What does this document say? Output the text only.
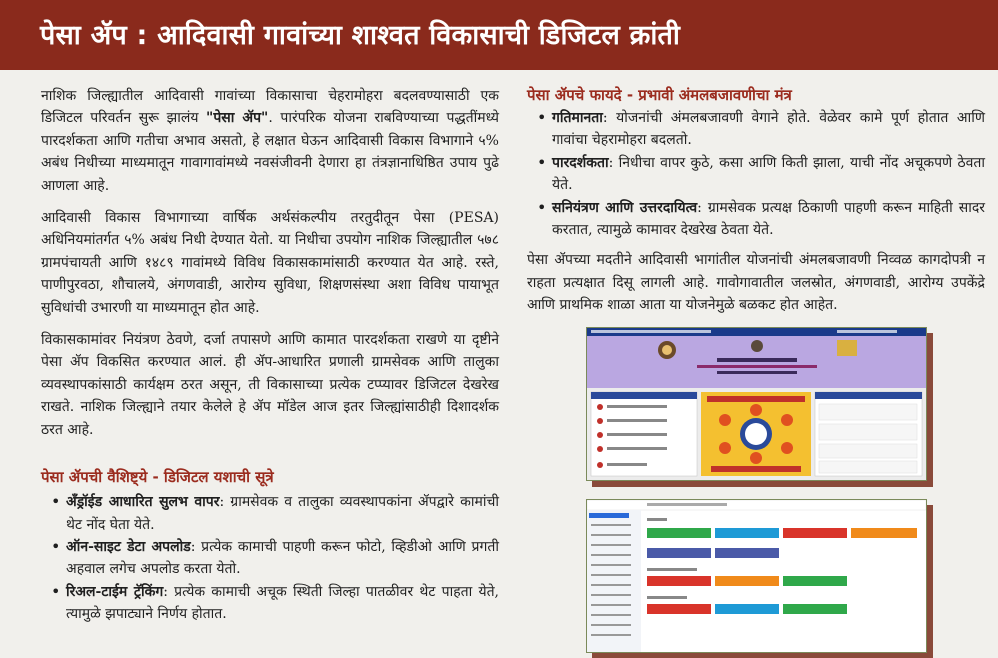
पेसा ॲप : आदिवासी गावांच्या शाश्वत विकासाची डिजिटल क्रांती

नाशिक जिल्ह्यातील आदिवासी गावांच्या विकासाचा चेहरामोहरा बदलवण्यासाठी एक डिजिटल परिवर्तन सुरू झालंय "पेसा ॲप". पारंपरिक योजना राबविण्याच्या पद्धतींमध्ये पारदर्शकता आणि गतीचा अभाव असतो, हे लक्षात घेऊन आदिवासी विकास विभागाने ५% अबंध निधीच्या माध्यमातून गावागावांमध्ये नवसंजीवनी देणारा हा तंत्रज्ञानाधिष्ठित उपाय पुढे आणला आहे.

आदिवासी विकास विभागाच्या वार्षिक अर्थसंकल्पीय तरतुदीतून पेसा (PESA) अधिनियमांतर्गत ५% अबंध निधी देण्यात येतो. या निधीचा उपयोग नाशिक जिल्ह्यातील ५७८ ग्रामपंचायती आणि १४८९ गावांमध्ये विविध विकासकामांसाठी करण्यात येत आहे. रस्ते, पाणीपुरवठा, शौचालये, अंगणवाडी, आरोग्य सुविधा, शिक्षणसंस्था अशा विविध पायाभूत सुविधांची उभारणी या माध्यमातून होत आहे.

विकासकामांवर नियंत्रण ठेवणे, दर्जा तपासणे आणि कामात पारदर्शकता राखणे या दृष्टीने पेसा ॲप विकसित करण्यात आलं. ही ॲप-आधारित प्रणाली ग्रामसेवक आणि तालुका व्यवस्थापकांसाठी कार्यक्षम ठरत असून, ती विकासाच्या प्रत्येक टप्प्यावर डिजिटल देखरेख राखते. नाशिक जिल्ह्याने तयार केलेले हे ॲप मॉडेल आज इतर जिल्ह्यांसाठीही दिशादर्शक ठरत आहे.

पेसा ॲपची वैशिष्ट्ये - डिजिटल यशाची सूत्रे
• अँड्रॉईड आधारित सुलभ वापर: ग्रामसेवक व तालुका व्यवस्थापकांना ॲपद्वारे कामांची थेट नोंद घेता येते.
• ऑन-साइट डेटा अपलोड: प्रत्येक कामाची पाहणी करून फोटो, व्हिडीओ आणि प्रगती अहवाल लगेच अपलोड करता येतो.
• रिअल-टाईम ट्रॅकिंग: प्रत्येक कामाची अचूक स्थिती जिल्हा पातळीवर थेट पाहता येते, त्यामुळे झपाट्याने निर्णय होतात.
पेसा ॲपचे फायदे - प्रभावी अंमलबजावणीचा मंत्र
• गतिमानता: योजनांची अंमलबजावणी वेगाने होते. वेळेवर कामे पूर्ण होतात आणि गावांचा चेहरामोहरा बदलतो.
• पारदर्शकता: निधीचा वापर कुठे, कसा आणि किती झाला, याची नोंद अचूकपणे ठेवता येते.
• सनियंत्रण आणि उत्तरदायित्व: ग्रामसेवक प्रत्यक्ष ठिकाणी पाहणी करून माहिती सादर करतात, त्यामुळे कामावर देखरेख ठेवता येते.

पेसा ॲपच्या मदतीने आदिवासी भागांतील योजनांची अंमलबजावणी निव्वळ कागदोपत्री न राहता प्रत्यक्षात दिसू लागली आहे. गावोगावातील जलस्रोत, अंगणवाडी, आरोग्य उपकेंद्रे आणि प्राथमिक शाळा आता या योजनेमुळे बळकट होत आहेत.
